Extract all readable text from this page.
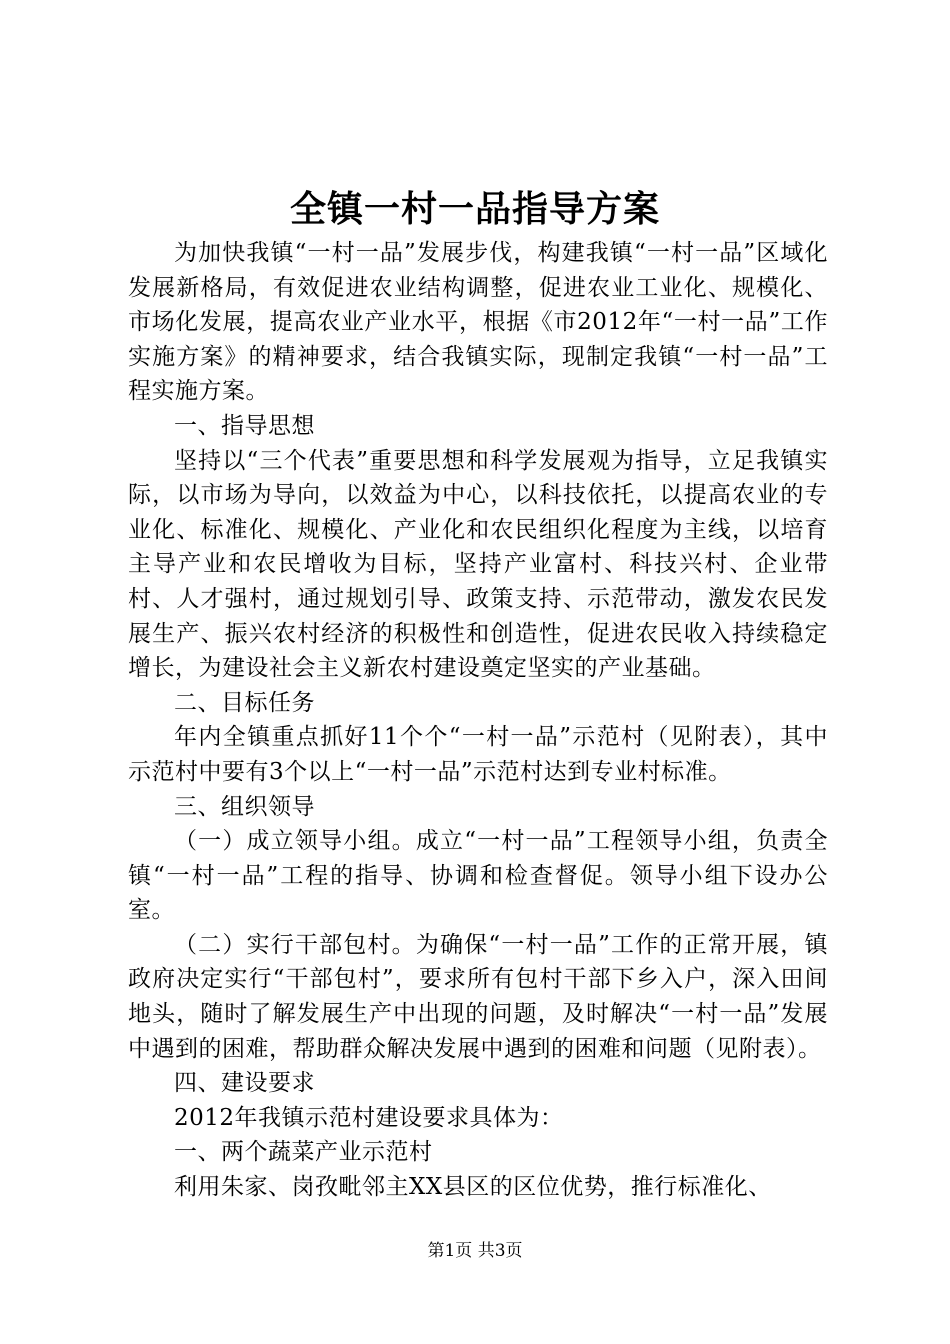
全镇一村一品指导方案

为加快我镇“一村一品”发展步伐，构建我镇“一村一品”区域化发展新格局，有效促进农业结构调整，促进农业工业化、规模化、市场化发展，提高农业产业水平，根据《市2012年“一村一品”工作实施方案》的精神要求，结合我镇实际，现制定我镇“一村一品”工程实施方案。

一、指导思想

坚持以“三个代表”重要思想和科学发展观为指导，立足我镇实际，以市场为导向，以效益为中心，以科技依托，以提高农业的专业化、标准化、规模化、产业化和农民组织化程度为主线，以培育主导产业和农民增收为目标，坚持产业富村、科技兴村、企业带村、人才强村，通过规划引导、政策支持、示范带动，激发农民发展生产、振兴农村经济的积极性和创造性，促进农民收入持续稳定增长，为建设社会主义新农村建设奠定坚实的产业基础。

二、目标任务

年内全镇重点抓好11个个“一村一品”示范村（见附表），其中示范村中要有3个以上“一村一品”示范村达到专业村标准。

三、组织领导

（一）成立领导小组。成立“一村一品”工程领导小组，负责全镇“一村一品”工程的指导、协调和检查督促。领导小组下设办公室。

（二）实行干部包村。为确保“一村一品”工作的正常开展，镇政府决定实行“干部包村”，要求所有包村干部下乡入户，深入田间地头，随时了解发展生产中出现的问题，及时解决“一村一品”发展中遇到的困难，帮助群众解决发展中遇到的困难和问题（见附表）。

四、建设要求

2012年我镇示范村建设要求具体为：

一、两个蔬菜产业示范村

利用朱家、岗孜毗邻主XX县区的区位优势，推行标准化、

第1页 共3页
